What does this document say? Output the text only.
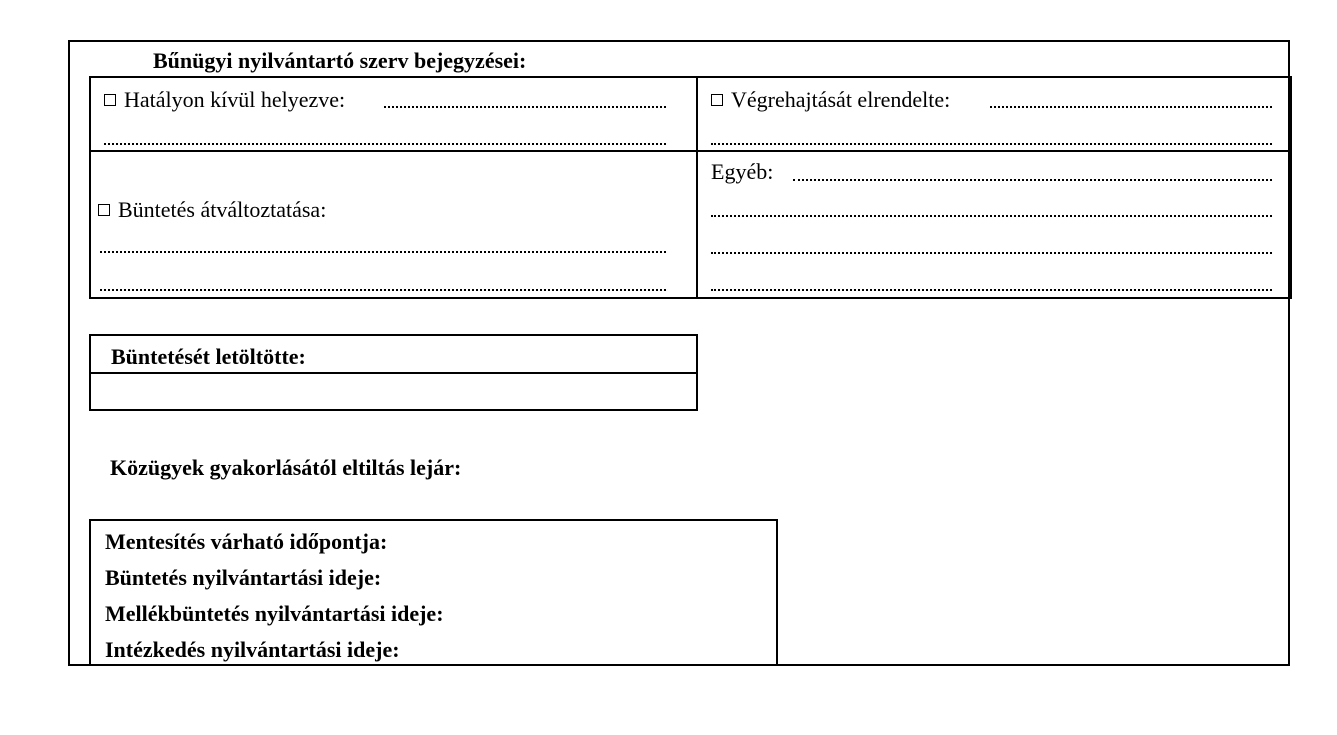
Bűnügyi nyilvántartó szerv bejegyzései:
Hatályon kívül helyezve:	Végrehajtását elrendelte:
Büntetés átváltoztatása:
Egyéb:
Büntetését letöltötte:
Közügyek gyakorlásától eltiltás lejár:
Mentesítés várható időpontja:
Büntetés nyilvántartási ideje:
Mellékbüntetés nyilvántartási ideje:
Intézkedés nyilvántartási ideje:
